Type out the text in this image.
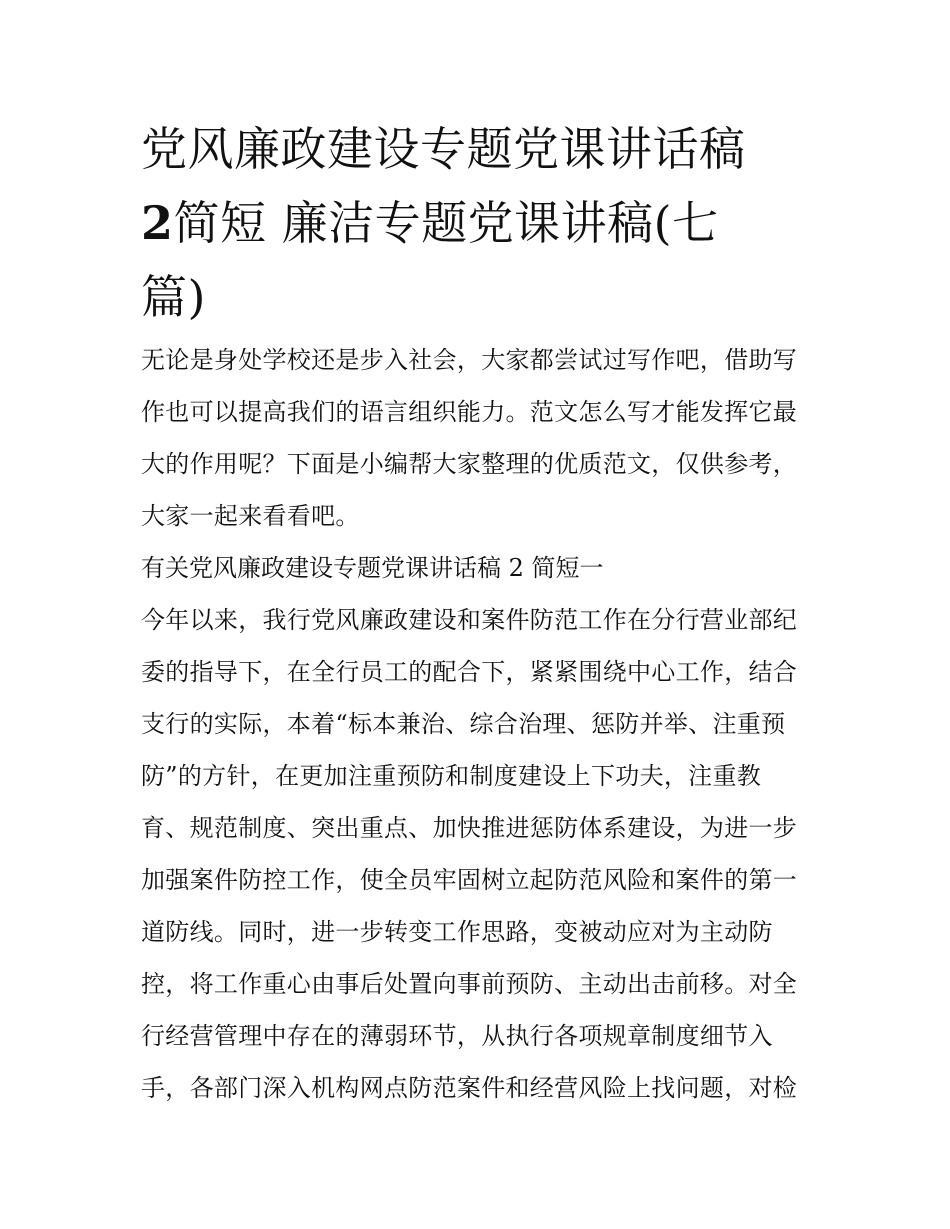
党风廉政建设专题党课讲话稿
2简短 廉洁专题党课讲稿(七
篇)
无论是身处学校还是步入社会，大家都尝试过写作吧，借助写
作也可以提高我们的语言组织能力。范文怎么写才能发挥它最
大的作用呢？下面是小编帮大家整理的优质范文，仅供参考，
大家一起来看看吧。
有关党风廉政建设专题党课讲话稿 2 简短一
今年以来，我行党风廉政建设和案件防范工作在分行营业部纪
委的指导下，在全行员工的配合下，紧紧围绕中心工作，结合
支行的实际，本着“标本兼治、综合治理、惩防并举、注重预
防”的方针，在更加注重预防和制度建设上下功夫，注重教
育、规范制度、突出重点、加快推进惩防体系建设，为进一步
加强案件防控工作，使全员牢固树立起防范风险和案件的第一
道防线。同时，进一步转变工作思路，变被动应对为主动防
控，将工作重心由事后处置向事前预防、主动出击前移。对全
行经营管理中存在的薄弱环节，从执行各项规章制度细节入
手，各部门深入机构网点防范案件和经营风险上找问题，对检
